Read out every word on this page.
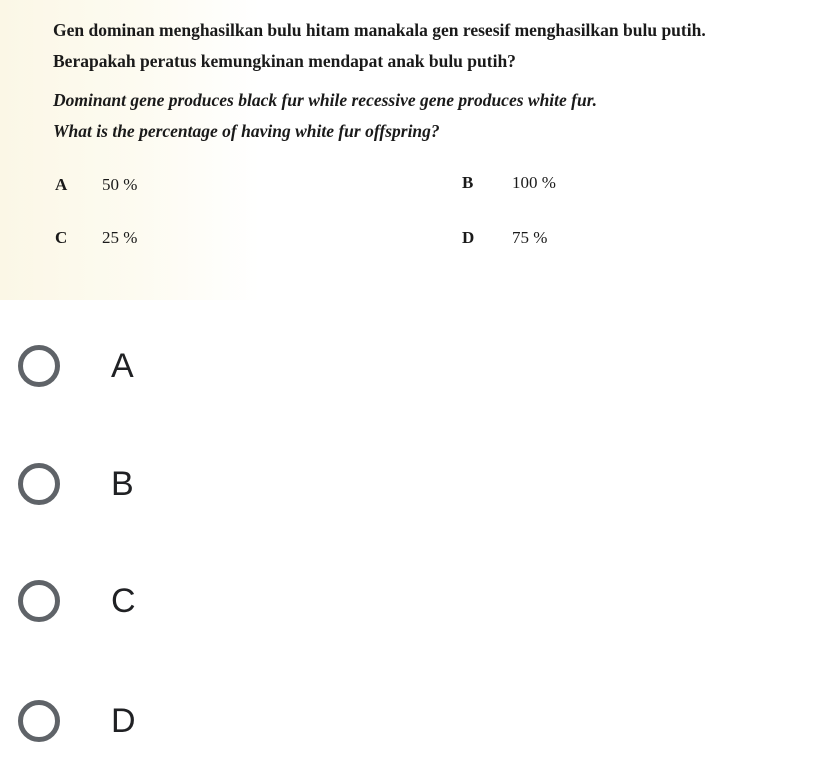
Gen dominan menghasilkan bulu hitam manakala gen resesif menghasilkan bulu putih.
Berapakah peratus kemungkinan mendapat anak bulu putih?
Dominant gene produces black fur while recessive gene produces white fur.
What is the percentage of having white fur offspring?
A 50 %	B 100 %
C 25 %	D 75 %
A
B
C
D
